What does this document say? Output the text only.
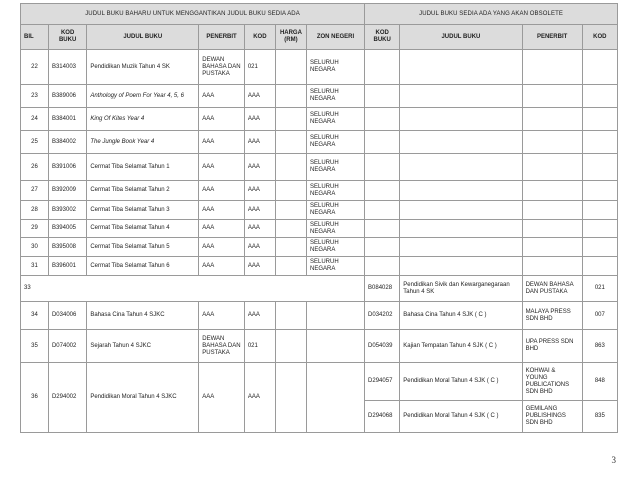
JUDUL BUKU BAHARU UNTUK MENGGANTIKAN JUDUL BUKU SEDIA ADA							JUDUL BUKU SEDIA ADA YANG AKAN OBSOLETE			
BIL	KOD BUKU	JUDUL BUKU	PENERBIT	KOD	HARGA (RM)	ZON NEGERI	KOD BUKU	JUDUL BUKU	PENERBIT	KOD
22	B314003	Pendidikan Muzik Tahun 4 SK	DEWAN BAHASA DAN PUSTAKA	021		SELURUH NEGARA				
23	B389006	Anthology of Poem For Year 4, 5, 6	AAA	AAA		SELURUH NEGARA				
24	B384001	King Of Kites Year 4	AAA	AAA		SELURUH NEGARA				
25	B384002	The Jungle Book Year 4	AAA	AAA		SELURUH NEGARA				
26	B391006	Cermat Tiba Selamat Tahun 1	AAA	AAA		SELURUH NEGARA				
27	B392009	Cermat Tiba Selamat Tahun 2	AAA	AAA		SELURUH NEGARA				
28	B393002	Cermat Tiba Selamat Tahun 3	AAA	AAA		SELURUH NEGARA				
29	B394005	Cermat Tiba Selamat Tahun 4	AAA	AAA		SELURUH NEGARA				
30	B395008	Cermat Tiba Selamat Tahun 5	AAA	AAA		SELURUH NEGARA				
31	B396001	Cermat Tiba Selamat Tahun 6	AAA	AAA		SELURUH NEGARA				
33							B084028	Pendidikan Sivik dan Kewarganegaraan Tahun 4 SK	DEWAN BAHASA DAN PUSTAKA	021
34	D034006	Bahasa Cina Tahun 4 SJKC	AAA	AAA			D034202	Bahasa Cina Tahun 4 SJK ( C )	MALAYA PRESS SDN BHD	007
35	D074002	Sejarah Tahun 4 SJKC	DEWAN BAHASA DAN PUSTAKA	021			D054039	Kajian Tempatan Tahun 4 SJK ( C )	UPA PRESS SDN BHD	863
36	D294002	Pendidikan Moral Tahun 4 SJKC	AAA	AAA			D294057	Pendidikan Moral Tahun 4 SJK ( C )	KOHWAI & YOUNG PUBLICATIONS SDN BHD	848
							D294068	Pendidikan Moral Tahun 4 SJK ( C )	GEMILANG PUBLISHINGS SDN BHD	835
3
